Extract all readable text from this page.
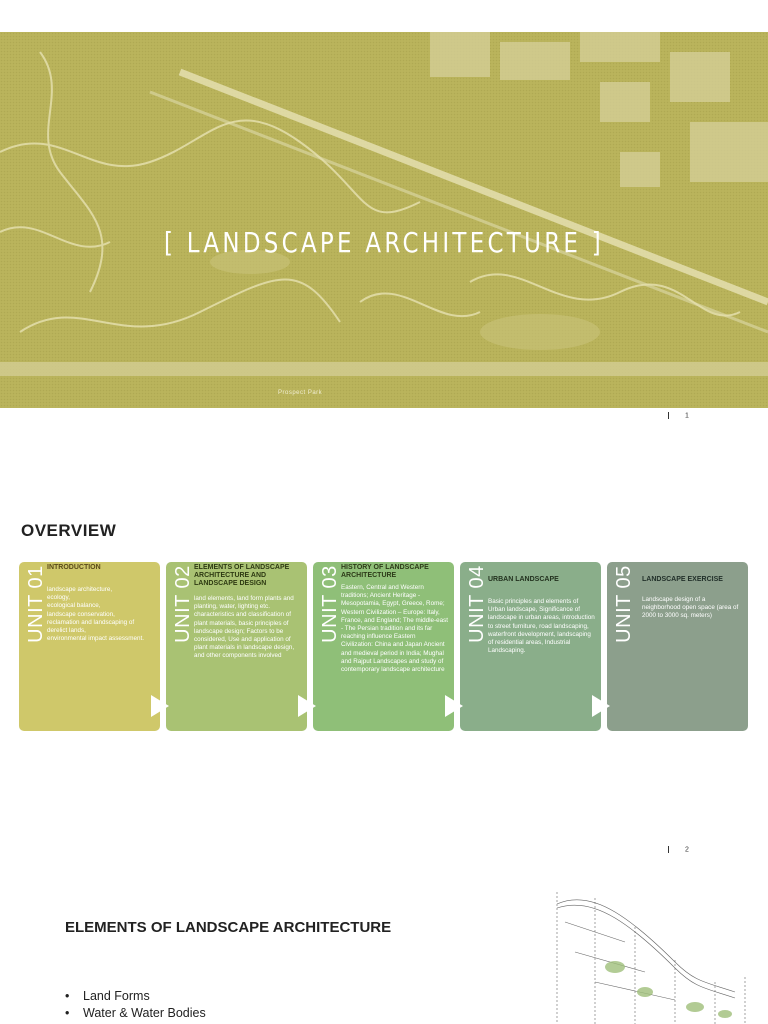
[ LANDSCAPE ARCHITECTURE ]
Prospect Park
1
OVERVIEW
UNIT 01 INTRODUCTION
landscape architecture,
ecology,
ecological balance,
landscape conservation,
reclamation and landscaping of derelict lands,
environmental impact assessment.	UNIT 02 ELEMENTS OF LANDSCAPE ARCHITECTURE AND LANDSCAPE DESIGN
land elements, land form plants and planting, water, lighting etc. characteristics and classification of plant materials, basic principles of landscape design; Factors to be considered, Use and application of plant materials in landscape design, and other components involved
UNIT 03 HISTORY OF LANDSCAPE ARCHITECTURE
Eastern, Central and Western traditions; Ancient Heritage - Mesopotamia, Egypt, Greece, Rome; Western Civilization – Europe: Italy, France, and England; The middle-east - The Persian tradition and its far reaching influence Eastern Civilization: China and Japan Ancient and medieval period in India; Mughal and Rajput Landscapes and study of contemporary landscape architecture
UNIT 04 URBAN LANDSCAPE
Basic principles and elements of Urban landscape, Significance of landscape in urban areas, introduction to street furniture, road landscaping, waterfront development, landscaping of residential areas, Industrial Landscaping.
UNIT 05 LANDSCAPE EXERCISE
Landscape design of a neighborhood open space (area of 2000 to 3000 sq. meters)
2
ELEMENTS OF LANDSCAPE ARCHITECTURE
• Land Forms
• Water & Water Bodies
